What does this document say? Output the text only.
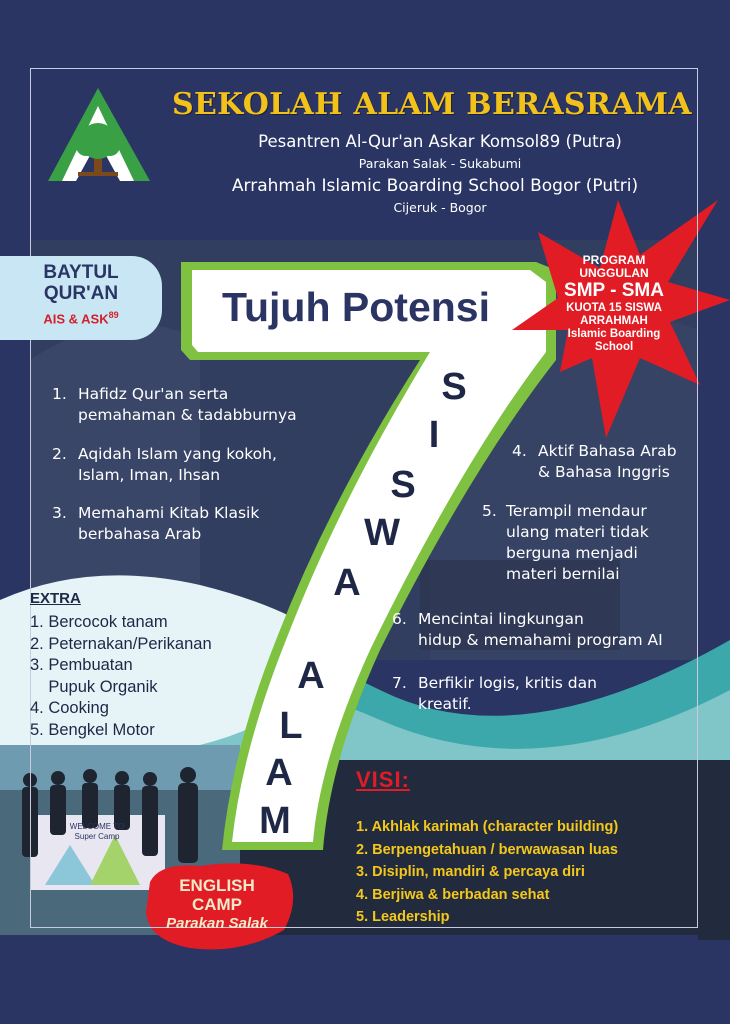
SEKOLAH ALAM BERASRAMA
Pesantren Al-Qur'an Askar Komsol89 (Putra)
Parakan Salak - Sukabumi
Arrahmah Islamic Boarding School Bogor (Putri)
Cijeruk - Bogor
BAYTUL
QUR'AN
AIS & ASK$^{89}$
PROGRAM
UNGGULAN
SMP - SMA
KUOTA 15 SISWA
ARRAHMAH
Islamic Boarding
School
Tujuh Potensi
S
I
S
W
A
A
L
A
M
1. Hafidz Qur'an serta
pemahaman & tadabburnya
2. Aqidah Islam yang kokoh,
Islam, Iman, Ihsan
3. Memahami Kitab Klasik
berbahasa Arab
4. Aktif Bahasa Arab
& Bahasa Inggris
5. Terampil mendaur
ulang materi tidak
berguna menjadi
materi bernilai
6. Mencintai lingkungan
hidup & memahami program AI
7. Berfikir logis, kritis dan
kreatif.
EXTRA
1. Bercocok tanam
2. Peternakan/Perikanan
3. Pembuatan
Pupuk Organik
4. Cooking
5. Bengkel Motor
WELCOME TO
Super Camp
VISI:
1. Akhlak karimah (character building)
2. Berpengetahuan / berwawasan luas
3. Disiplin, mandiri & percaya diri
4. Berjiwa & berbadan sehat
5. Leadership
ENGLISH
CAMP
Parakan Salak
